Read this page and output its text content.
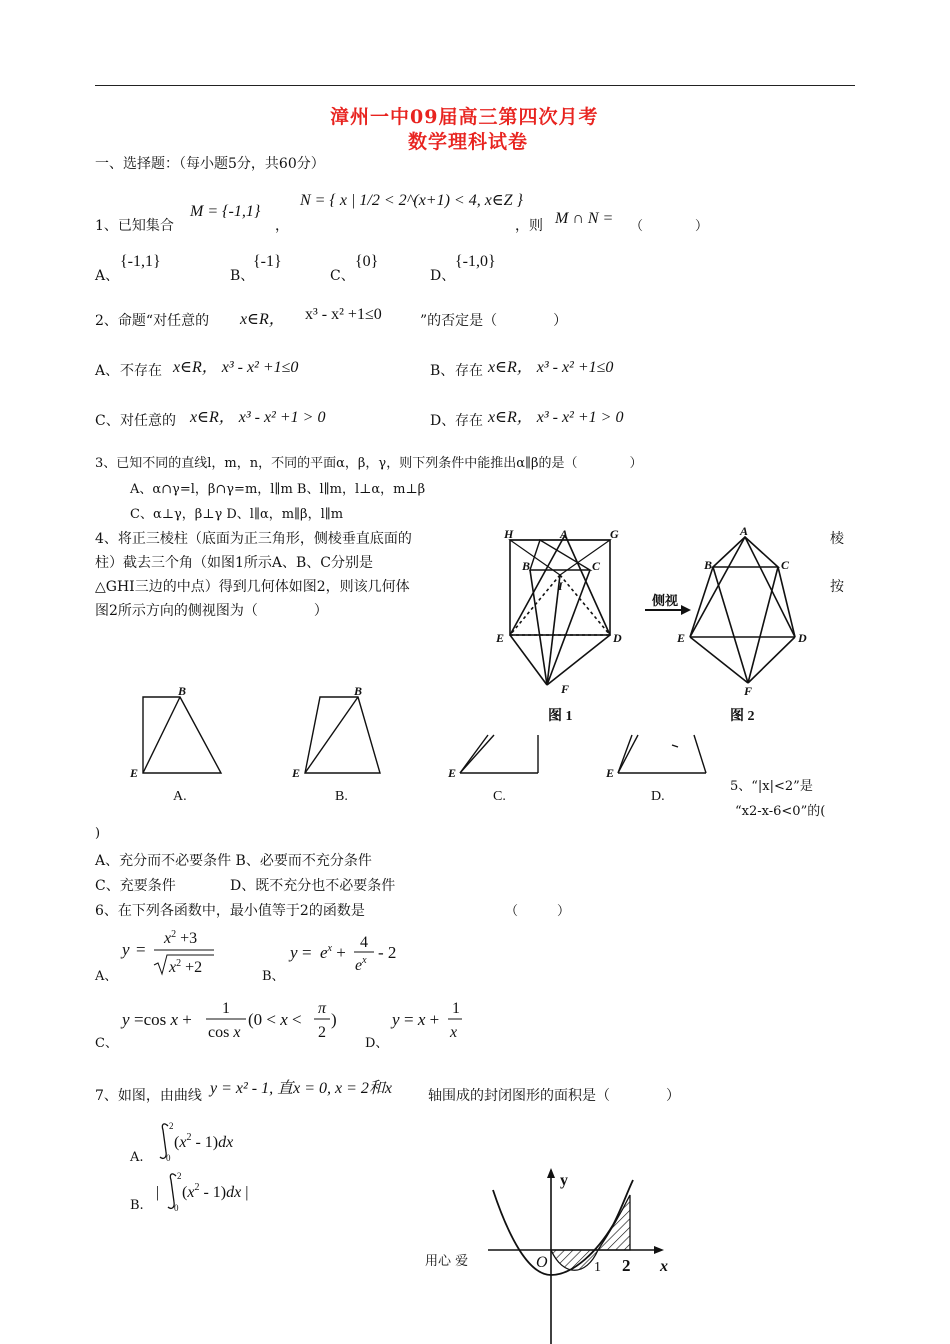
漳州一中09届高三第四次月考
数学理科试卷
一、选择题：（每小题5分，共60分）
1、已知集合
M = {-1,1}
，
N = { x | 1/2 < 2^(x+1) < 4, x∈Z }
，则 M ∩ N = （　　　　）
A、
{-1,1}
B、
{-1}
C、
{0}
D、
{-1,0}
2、命题“对任意的 x∈R， x³ - x² +1≤0	”的否定是（　　　　）
A、 不存在 x∈R， x³ - x² +1≤0	B、 存在 x∈R， x³ - x² +1≤0
C、 对任意的 x∈R， x³ - x² +1 > 0	D、 存在 x∈R， x³ - x² +1 > 0
3、已知不同的直线l，m，n，不同的平面α，β，γ，则下列条件中能推出α∥β的是（　　　　）
A、α∩γ=l，β∩γ=m，l∥m B、l∥m，l⊥α，m⊥β
C、α⊥γ，β⊥γ D、l∥α，m∥β，l∥m
4、将正三棱柱（底面为正三角形，侧棱垂直底面的
柱）截去三个角（如图1所示A、B、C分别是
△GHI三边的中点）得到几何体如图2，则该几何体
图2所示方向的侧视图为（　　　　）
棱
按
H	A	G
B	C
I
E	D
F
图 1
侧视
A
B	C
E	D
F
图 2
B
E
A.
B
E
B.
E
C.
E
D.
5、“|x|<2”是
“x2-x-6<0”的(
)
A、充分而不必要条件 B、必要而不充分条件
C、充要条件	D、既不充分也不必要条件
6、在下列各函数中，最小值等于2的函数是	（　　　）
A、
y =
$x^2 +3$
$x^2 +2$
B、
$y = e^x$ +
4
$e^x - 2$
C、
y =cos x +
1
cos x
(0 < x <
π
2
)
D、
y = x +
1
x
7、如图，由曲线 y = x² - 1, 直x = 0, x = 2和x	轴围成的封闭图形的面积是（　　　　）
A.
2
0
$(x^2 - 1)dx$
B.
|
2
0
$(x^2 - 1)dx$ |
y
O	1 2 x
用心 爱
